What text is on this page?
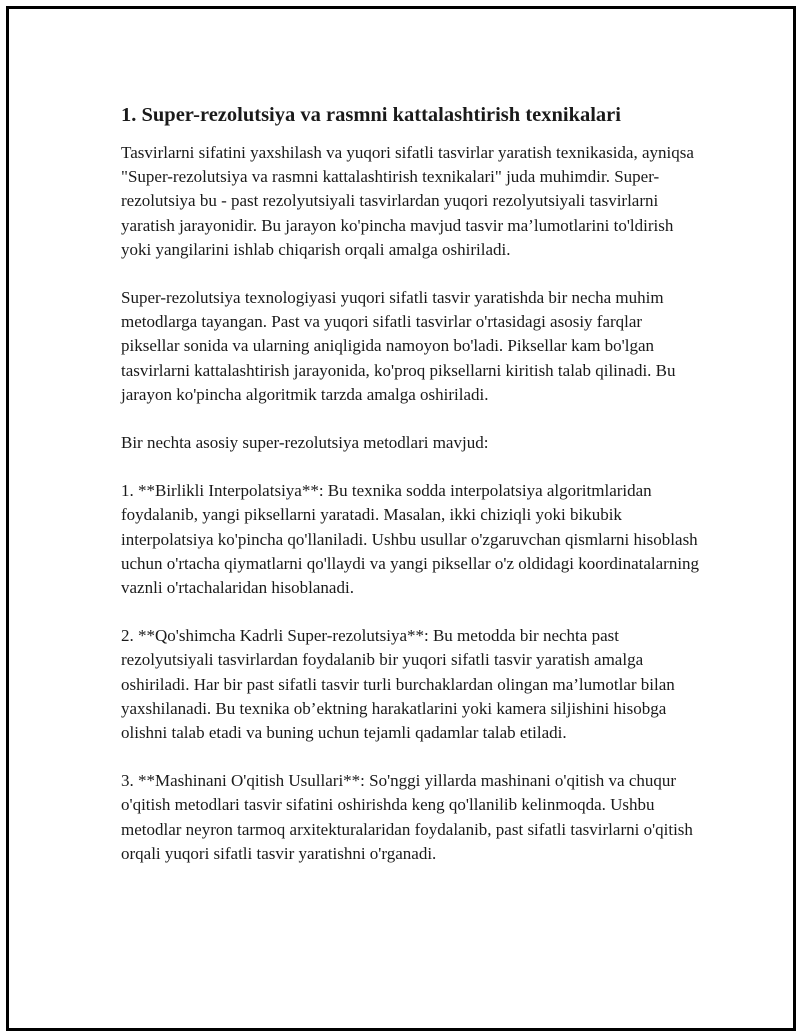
1. Super-rezolutsiya va rasmni kattalashtirish texnikalari

Tasvirlarni sifatini yaxshilash va yuqori sifatli tasvirlar yaratish texnikasida, ayniqsa "Super-rezolutsiya va rasmni kattalashtirish texnikalari" juda muhimdir. Super-rezolutsiya bu - past rezolyutsiyali tasvirlardan yuqori rezolyutsiyali tasvirlarni yaratish jarayonidir. Bu jarayon ko'pincha mavjud tasvir ma’lumotlarini to'ldirish yoki yangilarini ishlab chiqarish orqali amalga oshiriladi.

Super-rezolutsiya texnologiyasi yuqori sifatli tasvir yaratishda bir necha muhim metodlarga tayangan. Past va yuqori sifatli tasvirlar o'rtasidagi asosiy farqlar piksellar sonida va ularning aniqligida namoyon bo'ladi. Piksellar kam bo'lgan tasvirlarni kattalashtirish jarayonida, ko'proq piksellarni kiritish talab qilinadi. Bu jarayon ko'pincha algoritmik tarzda amalga oshiriladi.

Bir nechta asosiy super-rezolutsiya metodlari mavjud:

1. **Birlikli Interpolatsiya**: Bu texnika sodda interpolatsiya algoritmlaridan foydalanib, yangi piksellarni yaratadi. Masalan, ikki chiziqli yoki bikubik interpolatsiya ko'pincha qo'llaniladi. Ushbu usullar o'zgaruvchan qismlarni hisoblash uchun o'rtacha qiymatlarni qo'llaydi va yangi piksellar o'z oldidagi koordinatalarning vaznli o'rtachalaridan hisoblanadi.

2. **Qo'shimcha Kadrli Super-rezolutsiya**: Bu metodda bir nechta past rezolyutsiyali tasvirlardan foydalanib bir yuqori sifatli tasvir yaratish amalga oshiriladi. Har bir past sifatli tasvir turli burchaklardan olingan ma’lumotlar bilan yaxshilanadi. Bu texnika ob’ektning harakatlarini yoki kamera siljishini hisobga olishni talab etadi va buning uchun tejamli qadamlar talab etiladi.

3. **Mashinani O'qitish Usullari**: So'nggi yillarda mashinani o'qitish va chuqur o'qitish metodlari tasvir sifatini oshirishda keng qo'llanilib kelinmoqda. Ushbu metodlar neyron tarmoq arxitekturalaridan foydalanib, past sifatli tasvirlarni o'qitish orqali yuqori sifatli tasvir yaratishni o'rganadi.
